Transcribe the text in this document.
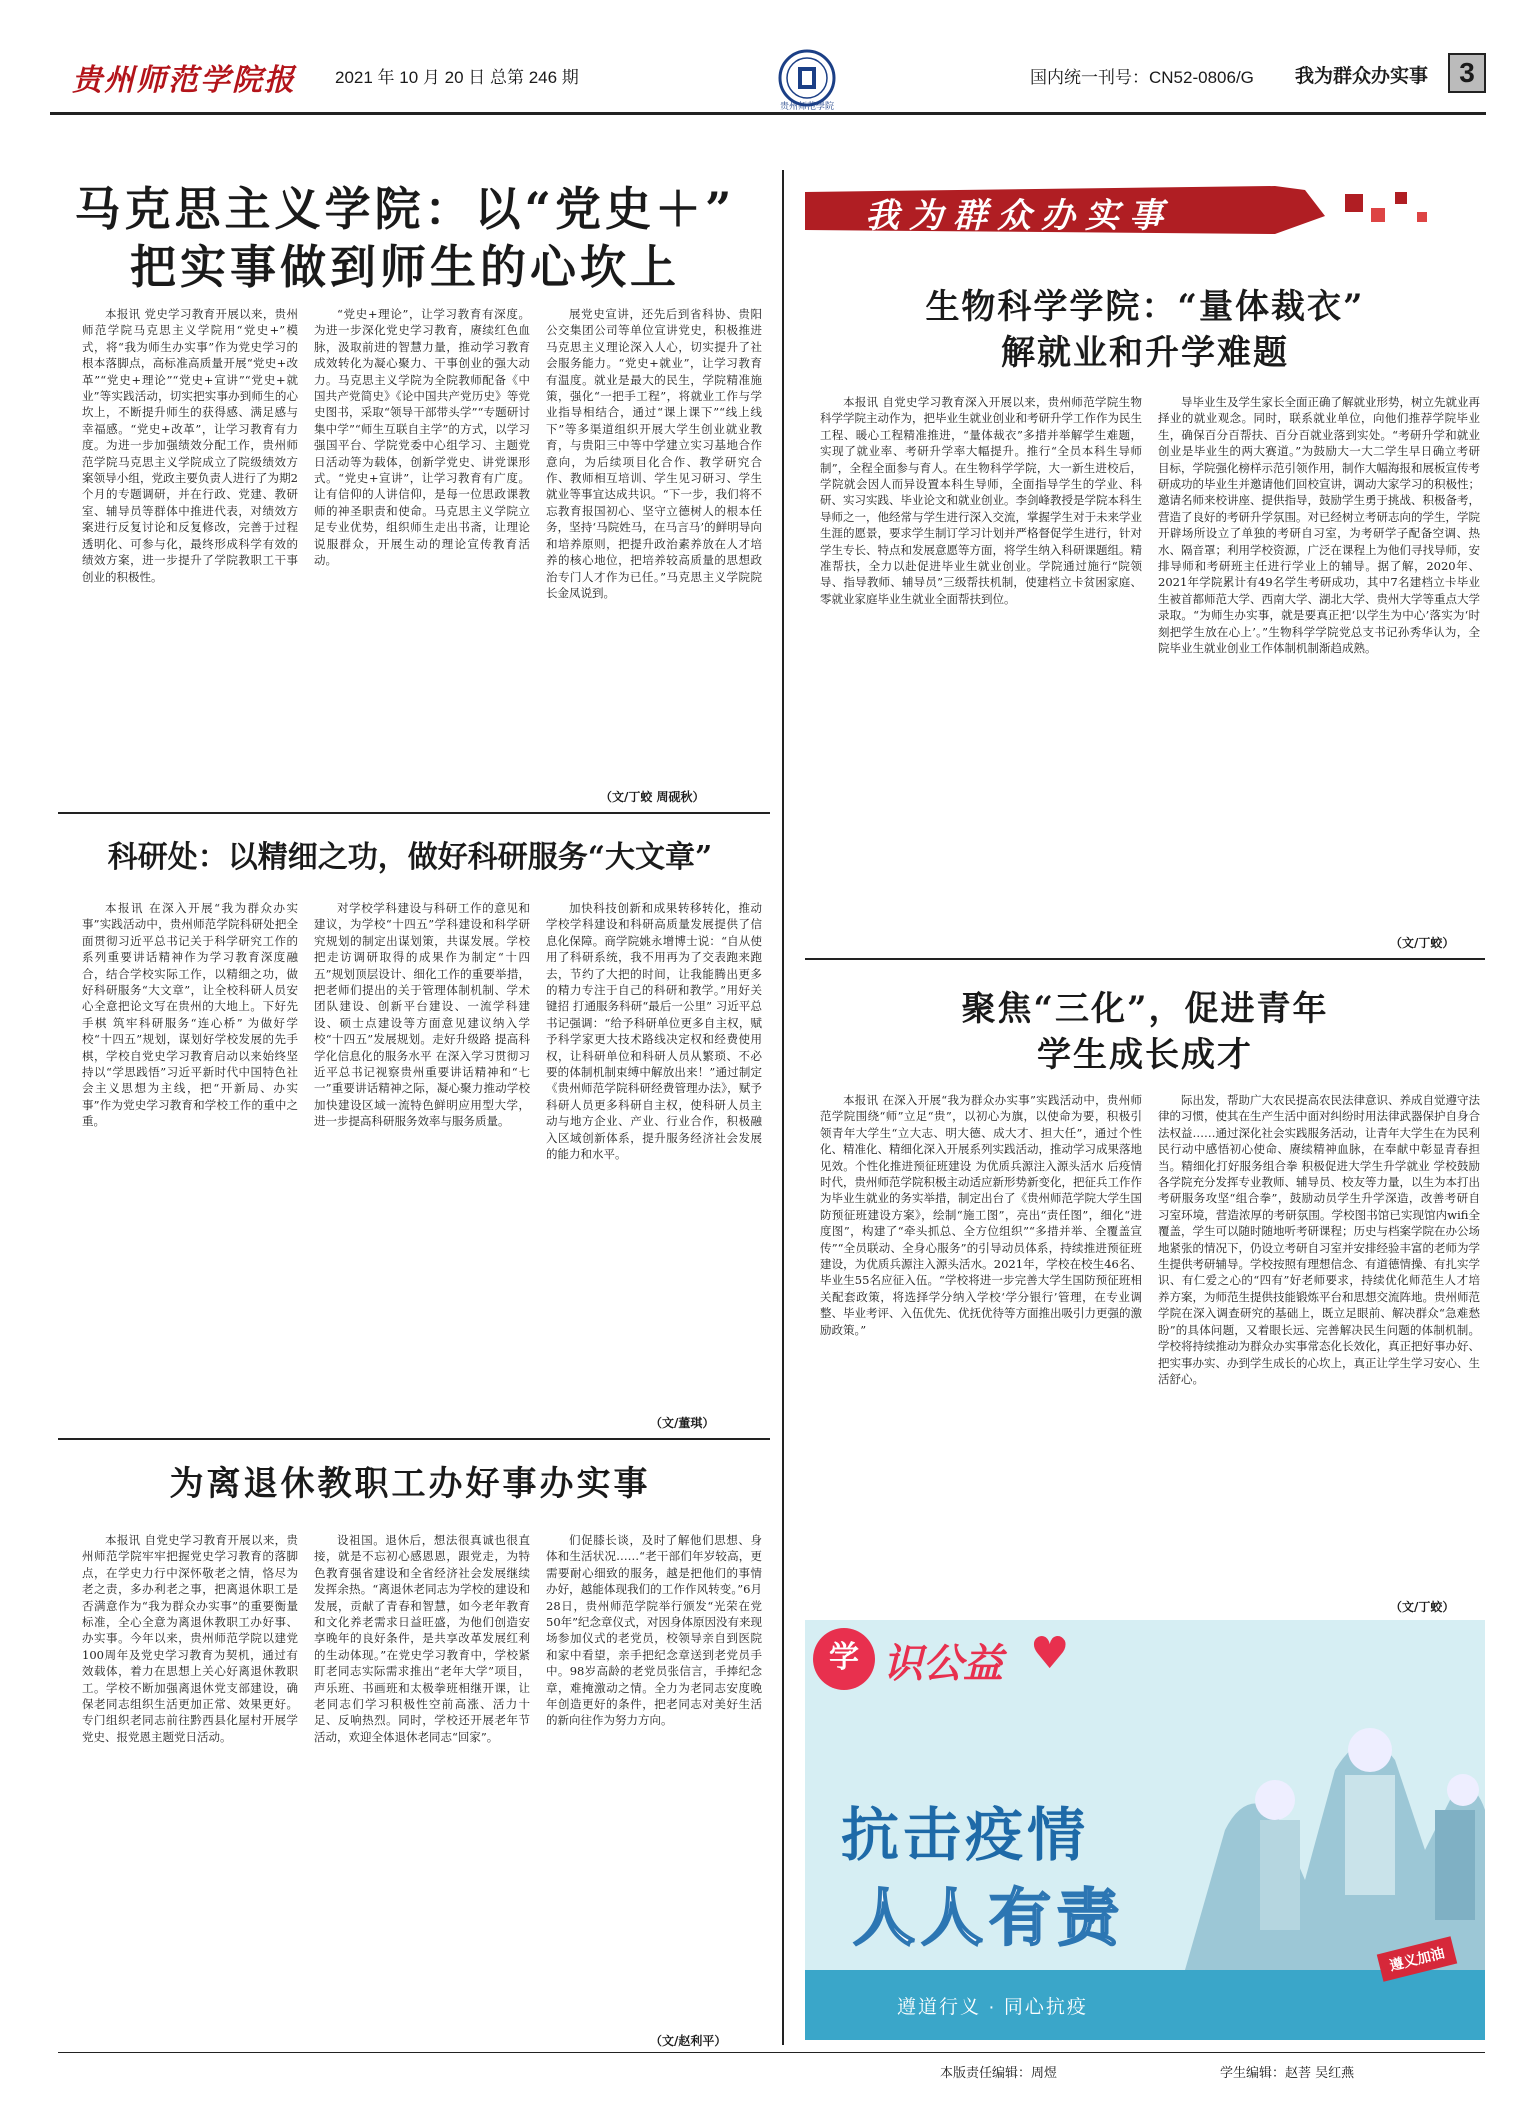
贵州师范学院报 2021 年 10 月 20 日 总第 246 期
贵州师范學院
国内统一刊号：CN52-0806/G 我为群众办实事	3
马克思主义学院：以“党史＋”
把实事做到师生的心坎上

本报讯 党史学习教育开展以来，贵州师范学院马克思主义学院用“党史+”模式，将“我为师生办实事”作为党史学习的根本落脚点，高标准高质量开展“党史+改革”“党史+理论”“党史+宣讲”“党史+就业”等实践活动，切实把实事办到师生的心坎上，不断提升师生的获得感、满足感与幸福感。“党史+改革”，让学习教育有力度。为进一步加强绩效分配工作，贵州师范学院马克思主义学院成立了院级绩效方案领导小组，党政主要负责人进行了为期2个月的专题调研，并在行政、党建、教研室、辅导员等群体中推进代表，对绩效方案进行反复讨论和反复修改，完善于过程透明化、可参与化，最终形成科学有效的绩效方案，进一步提升了学院教职工干事创业的积极性。

“党史+理论”，让学习教育有深度。为进一步深化党史学习教育，赓续红色血脉，汲取前进的智慧力量，推动学习教育成效转化为凝心聚力、干事创业的强大动力。马克思主义学院为全院教师配备《中国共产党简史》《论中国共产党历史》等党史图书，采取“领导干部带头学”“专题研讨集中学”“师生互联自主学”的方式，以学习强国平台、学院党委中心组学习、主题党日活动等为载体，创新学党史、讲党课形式。“党史+宣讲”，让学习教育有广度。让有信仰的人讲信仰，是每一位思政课教师的神圣职责和使命。马克思主义学院立足专业优势，组织师生走出书斋，让理论说服群众，开展生动的理论宣传教育活动。

展党史宣讲，还先后到省科协、贵阳公交集团公司等单位宣讲党史，积极推进马克思主义理论深入人心，切实提升了社会服务能力。“党史+就业”，让学习教育有温度。就业是最大的民生，学院精准施策，强化“一把手工程”，将就业工作与学业指导相结合，通过“课上课下”“线上线下”等多渠道组织开展大学生创业就业教育，与贵阳三中等中学建立实习基地合作意向，为后续项目化合作、教学研究合作、教师相互培训、学生见习研习、学生就业等事宜达成共识。“下一步，我们将不忘教育报国初心、坚守立德树人的根本任务，坚持‘马院姓马，在马言马’的鲜明导向和培养原则，把提升政治素养放在人才培养的核心地位，把培养较高质量的思想政治专门人才作为已任。”马克思主义学院院长金凤说到。

（文/丁蛟 周砚秋）
科研处：以精细之功，做好科研服务“大文章”

本报讯 在深入开展“我为群众办实事”实践活动中，贵州师范学院科研处把全面贯彻习近平总书记关于科学研究工作的系列重要讲话精神作为学习教育深度融合，结合学校实际工作，以精细之功，做好科研服务“大文章”，让全校科研人员安心全意把论文写在贵州的大地上。下好先手棋 筑牢科研服务“连心桥” 为做好学校“十四五”规划，谋划好学校发展的先手棋，学校自党史学习教育启动以来始终坚持以“学思践悟”习近平新时代中国特色社会主义思想为主线，把“开新局、办实事”作为党史学习教育和学校工作的重中之重。

对学校学科建设与科研工作的意见和建议，为学校“十四五”学科建设和科学研究规划的制定出谋划策，共谋发展。学校把走访调研取得的成果作为制定“十四五”规划顶层设计、细化工作的重要举措，把老师们提出的关于管理体制机制、学术团队建设、创新平台建设、一流学科建设、硕士点建设等方面意见建议纳入学校“十四五”发展规划。走好升级路 提高科学化信息化的服务水平 在深入学习贯彻习近平总书记视察贵州重要讲话精神和“七一”重要讲话精神之际，凝心聚力推动学校加快建设区域一流特色鲜明应用型大学，进一步提高科研服务效率与服务质量。

加快科技创新和成果转移转化，推动学校学科建设和科研高质量发展提供了信息化保障。商学院姚永增博士说：“自从使用了科研系统，我不用再为了交表跑来跑去，节约了大把的时间，让我能腾出更多的精力专注于自己的科研和教学。”用好关键招 打通服务科研“最后一公里” 习近平总书记强调：“给予科研单位更多自主权，赋予科学家更大技术路线决定权和经费使用权，让科研单位和科研人员从繁琐、不必要的体制机制束缚中解放出来！”通过制定《贵州师范学院科研经费管理办法》，赋予科研人员更多科研自主权，使科研人员主动与地方企业、产业、行业合作，积极融入区域创新体系，提升服务经济社会发展的能力和水平。

（文/董琪）
为离退休教职工办好事办实事

本报讯 自党史学习教育开展以来，贵州师范学院牢牢把握党史学习教育的落脚点，在学史力行中深怀敬老之情，恪尽为老之责，多办利老之事，把离退休职工是否满意作为“我为群众办实事”的重要衡量标准，全心全意为离退休教职工办好事、办实事。今年以来，贵州师范学院以建党100周年及党史学习教育为契机，通过有效载体，着力在思想上关心好离退休教职工。学校不断加强离退休党支部建设，确保老同志组织生活更加正常、效果更好。专门组织老同志前往黔西县化屋村开展学党史、报党恩主题党日活动。

设祖国。退休后，想法很真诚也很直接，就是不忘初心感恩恩，跟党走，为特色教育强省建设和全省经济社会发展继续发挥余热。“离退休老同志为学校的建设和发展，贡献了青春和智慧，如今老年教育和文化养老需求日益旺盛，为他们创造安享晚年的良好条件，是共享改革发展红利的生动体现。”在党史学习教育中，学校紧盯老同志实际需求推出“老年大学”项目，声乐班、书画班和太极拳班相继开课，让老同志们学习积极性空前高涨、活力十足、反响热烈。同时，学校还开展老年节活动，欢迎全体退休老同志“回家”。

们促膝长谈，及时了解他们思想、身体和生活状况……“老干部们年岁较高，更需要耐心细致的服务，越是把他们的事情办好，越能体现我们的工作作风转变。”6月28日，贵州师范学院举行颁发“光荣在党50年”纪念章仪式，对因身体原因没有来现场参加仪式的老党员，校领导亲自到医院和家中看望，亲手把纪念章送到老党员手中。98岁高龄的老党员张信言，手捧纪念章，难掩激动之情。全力为老同志安度晚年创造更好的条件，把老同志对美好生活的新向往作为努力方向。

（文/赵利平）
我为群众办实事
生物科学学院：“量体裁衣”
解就业和升学难题

本报讯 自党史学习教育深入开展以来，贵州师范学院生物科学学院主动作为，把毕业生就业创业和考研升学工作作为民生工程、暖心工程精准推进，“量体裁衣”多措并举解学生难题，实现了就业率、考研升学率大幅提升。推行“全员本科生导师制”，全程全面参与育人。在生物科学学院，大一新生进校后，学院就会因人而异设置本科生导师，全面指导学生的学业、科研、实习实践、毕业论文和就业创业。李剑峰教授是学院本科生导师之一，他经常与学生进行深入交流，掌握学生对于未来学业生涯的愿景，要求学生制订学习计划并严格督促学生进行，针对学生专长、特点和发展意愿等方面，将学生纳入科研课题组。精准帮扶，全力以赴促进毕业生就业创业。学院通过施行“院领导、指导教师、辅导员”三级帮扶机制，使建档立卡贫困家庭、零就业家庭毕业生就业全面帮扶到位。

导毕业生及学生家长全面正确了解就业形势，树立先就业再择业的就业观念。同时，联系就业单位，向他们推荐学院毕业生，确保百分百帮扶、百分百就业落到实处。“考研升学和就业创业是毕业生的两大赛道。”为鼓励大一大二学生早日确立考研目标，学院强化榜样示范引领作用，制作大幅海报和展板宣传考研成功的毕业生并邀请他们回校宣讲，调动大家学习的积极性；邀请名师来校讲座、提供指导，鼓励学生勇于挑战、积极备考，营造了良好的考研升学氛围。对已经树立考研志向的学生，学院开辟场所设立了单独的考研自习室，为考研学子配备空调、热水、隔音罩；利用学校资源，广泛在课程上为他们寻找导师，安排导师和考研班主任进行学业上的辅导。据了解，2020年、2021年学院累计有49名学生考研成功，其中7名建档立卡毕业生被首都师范大学、西南大学、湖北大学、贵州大学等重点大学录取。“为师生办实事，就是要真正把‘以学生为中心’落实为‘时刻把学生放在心上’。”生物科学学院党总支书记孙秀华认为，全院毕业生就业创业工作体制机制渐趋成熟。

（文/丁蛟）
聚焦“三化”，促进青年
学生成长成才

本报讯 在深入开展“我为群众办实事”实践活动中，贵州师范学院围绕“师”立足“贵”，以初心为旗，以使命为要，积极引领青年大学生“立大志、明大德、成大才、担大任”，通过个性化、精准化、精细化深入开展系列实践活动，推动学习成果落地见效。个性化推进预征班建设 为优质兵源注入源头活水 后疫情时代，贵州师范学院积极主动适应新形势新变化，把征兵工作作为毕业生就业的务实举措，制定出台了《贵州师范学院大学生国防预征班建设方案》，绘制“施工图”，亮出“责任图”，细化“进度图”，构建了“牵头抓总、全方位组织”“多措并举、全覆盖宣传”“全员联动、全身心服务”的引导动员体系，持续推进预征班建设，为优质兵源注入源头活水。2021年，学校在校生46名、毕业生55名应征入伍。“学校将进一步完善大学生国防预征班相关配套政策，将选择学分纳入学校‘学分银行’管理，在专业调整、毕业考评、入伍优先、优抚优待等方面推出吸引力更强的激励政策。”

际出发，帮助广大农民提高农民法律意识、养成自觉遵守法律的习惯，使其在生产生活中面对纠纷时用法律武器保护自身合法权益……通过深化社会实践服务活动，让青年大学生在为民利民行动中感悟初心使命、赓续精神血脉，在奉献中彰显青春担当。精细化打好服务组合拳 积极促进大学生升学就业 学校鼓励各学院充分发挥专业教师、辅导员、校友等力量，以生为本打出考研服务攻坚“组合拳”，鼓励动员学生升学深造，改善考研自习室环境，营造浓厚的考研氛围。学校图书馆已实现馆内wifi全覆盖，学生可以随时随地听考研课程；历史与档案学院在办公场地紧张的情况下，仍设立考研自习室并安排经验丰富的老师为学生提供考研辅导。学校按照有理想信念、有道德情操、有扎实学识、有仁爱之心的“四有”好老师要求，持续优化师范生人才培养方案，为师范生提供技能锻炼平台和思想交流阵地。贵州师范学院在深入调查研究的基础上，既立足眼前、解决群众“急难愁盼”的具体问题，又着眼长远、完善解决民生问题的体制机制。学校将持续推动为群众办实事常态化长效化，真正把好事办好、把实事办实、办到学生成长的心坎上，真正让学生学习安心、生活舒心。

（文/丁蛟）
学 识公益 ♥
抗击疫情
人人有责
遵道行义 · 同心抗疫
遵义加油
本版责任编辑：周煜	学生编辑：赵菩 吴红燕
